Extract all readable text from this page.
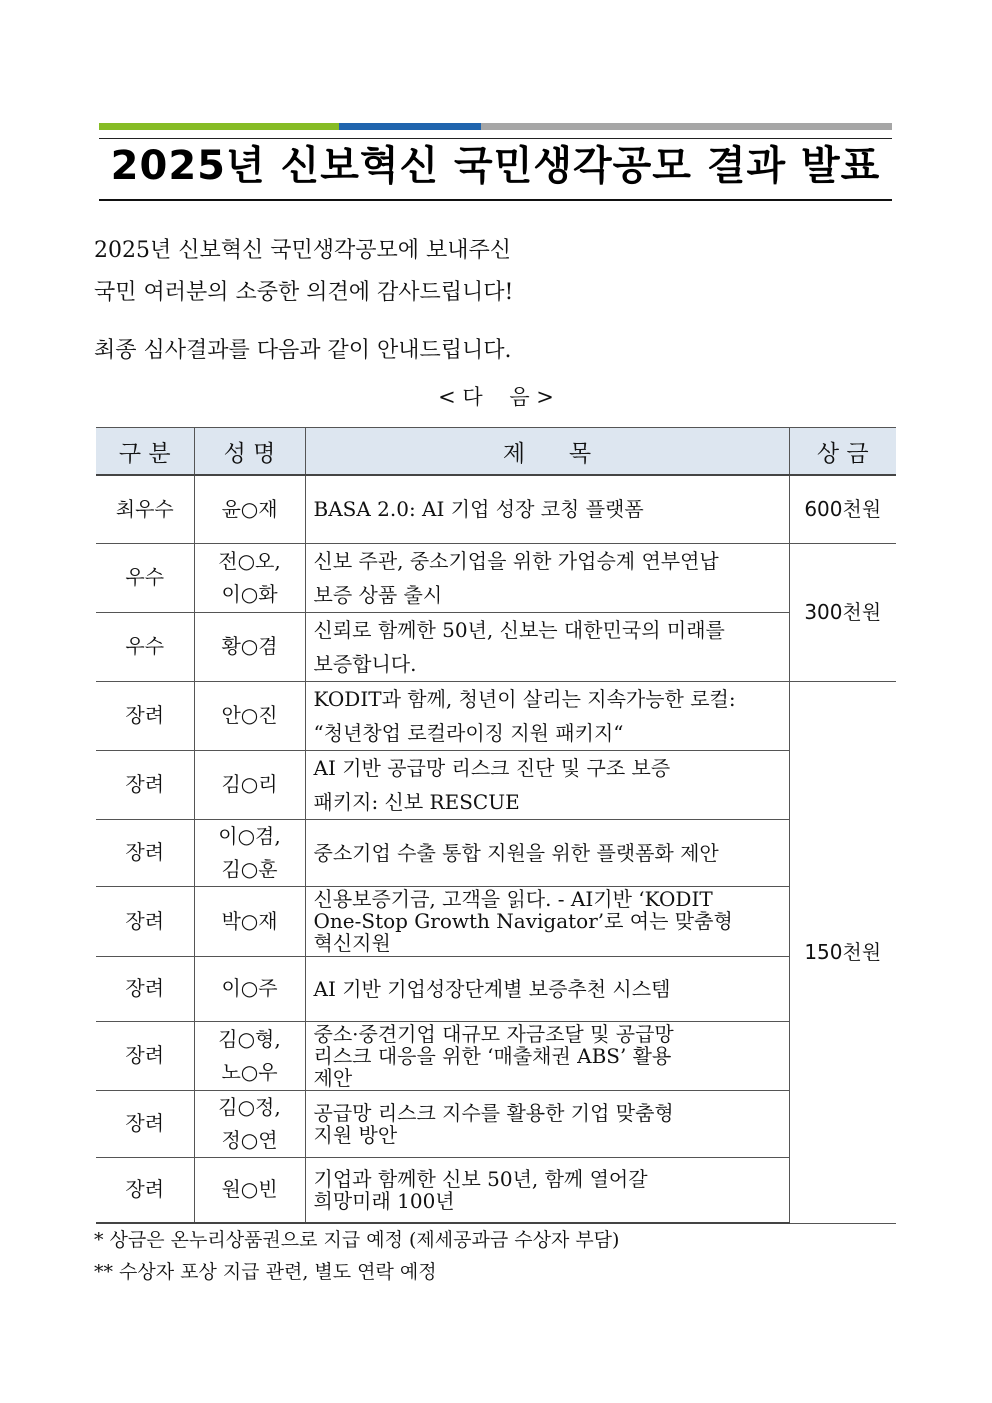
2025년 신보혁신 국민생각공모 결과 발표
2025년 신보혁신 국민생각공모에 보내주신
국민 여러분의 소중한 의견에 감사드립니다!
최종 심사결과를 다음과 같이 안내드립니다.
< 다    음 >
구 분	성 명	제      목	상 금
최우수	윤○재	BASA 2.0: AI 기업 성장 코칭 플랫폼	600천원
우수	전○오,
이○화	신보 주관, 중소기업을 위한 가업승계 연부연납
보증 상품 출시	300천원
우수	황○겸	신뢰로 함께한 50년, 신보는 대한민국의 미래를
보증합니다.	

장려	안○진	KODIT과 함께, 청년이 살리는 지속가능한 로컬:
“청년창업 로컬라이징 지원 패키지“	150천원
장려	김○리	AI 기반 공급망 리스크 진단 및 구조 보증
패키지: 신보 RESCUE	

장려	이○겸,
김○훈	중소기업 수출 통합 지원을 위한 플랫폼화 제안	

장려	박○재	신용보증기금, 고객을 읽다. - AI기반 ‘KODIT
One-Stop Growth Navigator’로 여는 맞춤형
혁신지원	

장려	이○주	AI 기반 기업성장단계별 보증추천 시스템	

장려	김○형,
노○우	중소·중견기업 대규모 자금조달 및 공급망
리스크 대응을 위한 ‘매출채권 ABS’ 활용
제안	

장려	김○정,
정○연	공급망 리스크 지수를 활용한 기업 맞춤형
지원 방안	

장려	원○빈	기업과 함께한 신보 50년, 함께 열어갈
희망미래 100년	
* 상금은 온누리상품권으로 지급 예정 (제세공과금 수상자 부담)
** 수상자 포상 지급 관련, 별도 연락 예정
